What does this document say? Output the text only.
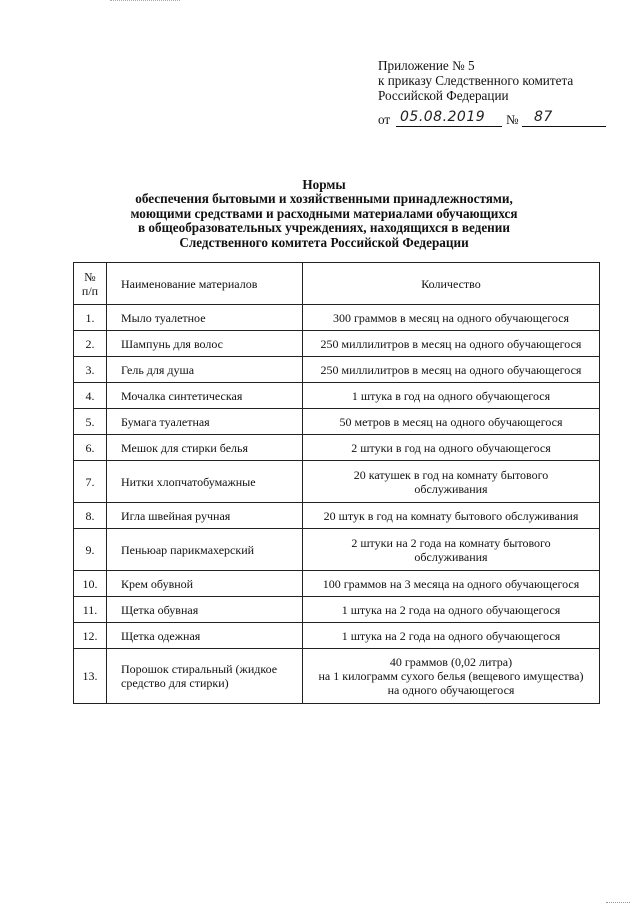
Приложение № 5
к приказу Следственного комитета
Российской Федерации
от 05.08.2019 № 87
Нормы
обеспечения бытовыми и хозяйственными принадлежностями,
моющими средствами и расходными материалами обучающихся
в общеобразовательных учреждениях, находящихся в ведении
Следственного комитета Российской Федерации
№
п/п	Наименование материалов	Количество
1.	Мыло туалетное	300 граммов в месяц на одного обучающегося

2.	Шампунь для волос	250 миллилитров в месяц на одного обучающегося

3.	Гель для душа	250 миллилитров в месяц на одного обучающегося

4.	Мочалка синтетическая	1 штука в год на одного обучающегося

5.	Бумага туалетная	50 метров в месяц на одного обучающегося

6.	Мешок для стирки белья	2 штуки в год на одного обучающегося

7.	Нитки хлопчатобумажные	20 катушек в год на комнату бытового
обслуживания

8.	Игла швейная ручная	20 штук в год на комнату бытового обслуживания

9.	Пеньюар парикмахерский	2 штуки на 2 года на комнату бытового
обслуживания

10.	Крем обувной	100 граммов на 3 месяца на одного обучающегося

11.	Щетка обувная	1 штука на 2 года на одного обучающегося

12.	Щетка одежная	1 штука на 2 года на одного обучающегося

13.	Порошок стиральный (жидкое средство для стирки)	40 граммов (0,02 литра)
на 1 килограмм сухого белья (вещевого имущества)
на одного обучающегося
